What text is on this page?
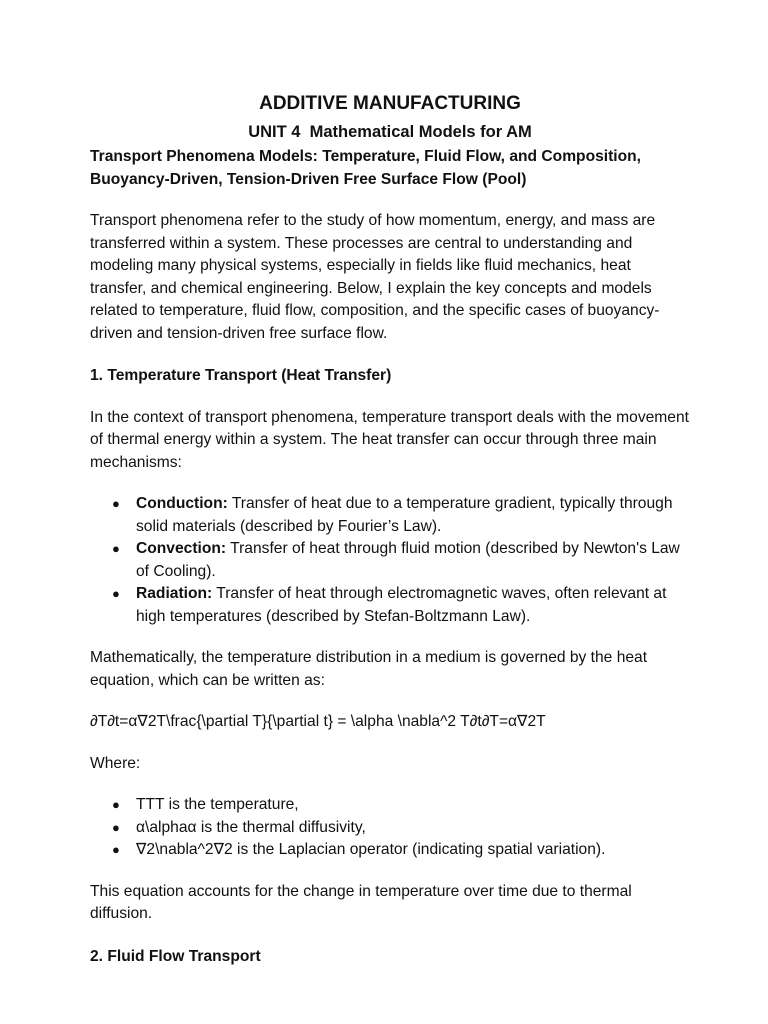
ADDITIVE MANUFACTURING
UNIT 4 Mathematical Models for AM

Transport Phenomena Models: Temperature, Fluid Flow, and Composition, Buoyancy-Driven, Tension-Driven Free Surface Flow (Pool)

Transport phenomena refer to the study of how momentum, energy, and mass are transferred within a system. These processes are central to understanding and modeling many physical systems, especially in fields like fluid mechanics, heat transfer, and chemical engineering. Below, I explain the key concepts and models related to temperature, fluid flow, composition, and the specific cases of buoyancy-driven and tension-driven free surface flow.

1. Temperature Transport (Heat Transfer)

In the context of transport phenomena, temperature transport deals with the movement of thermal energy within a system. The heat transfer can occur through three main mechanisms:

● Conduction: Transfer of heat due to a temperature gradient, typically through solid materials (described by Fourier’s Law).
● Convection: Transfer of heat through fluid motion (described by Newton's Law of Cooling).
● Radiation: Transfer of heat through electromagnetic waves, often relevant at high temperatures (described by Stefan-Boltzmann Law).

Mathematically, the temperature distribution in a medium is governed by the heat equation, which can be written as:

∂T∂t=α∇2T\frac{\partial T}{\partial t} = \alpha \nabla^2 T∂t∂T​=α∇2T

Where:

● TTT is the temperature,
● α\alphaα is the thermal diffusivity,
● ∇2\nabla^2∇2 is the Laplacian operator (indicating spatial variation).

This equation accounts for the change in temperature over time due to thermal diffusion.

2. Fluid Flow Transport
